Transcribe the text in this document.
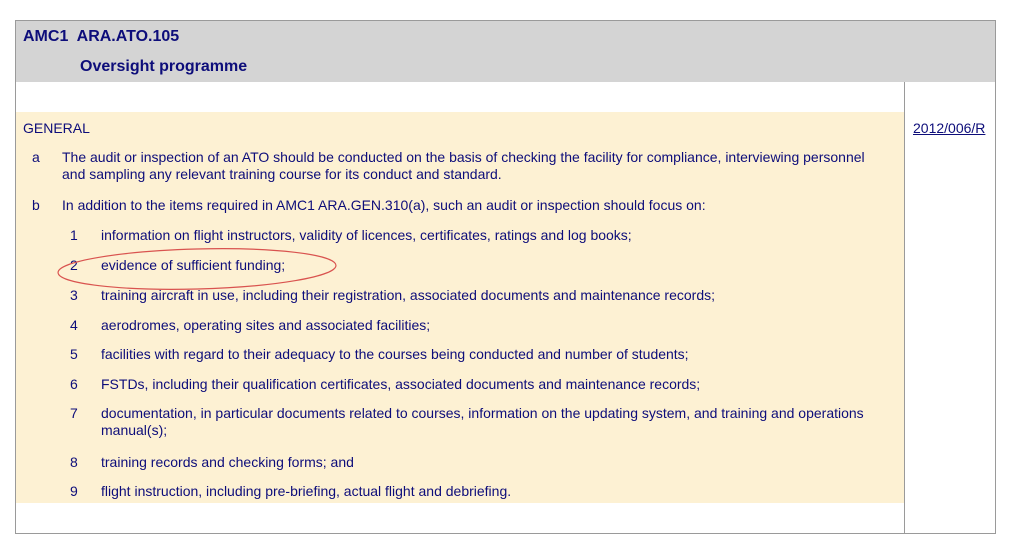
AMC1  ARA.ATO.105
Oversight programme
GENERAL	2012/006/R
a The audit or inspection of an ATO should be conducted on the basis of checking the facility for compliance, interviewing personnel and sampling any relevant training course for its conduct and standard.
b In addition to the items required in AMC1 ARA.GEN.310(a), such an audit or inspection should focus on:
1 information on flight instructors, validity of licences, certificates, ratings and log books;
2 evidence of sufficient funding;
3 training aircraft in use, including their registration, associated documents and maintenance records;
4 aerodromes, operating sites and associated facilities;
5 facilities with regard to their adequacy to the courses being conducted and number of students;
6 FSTDs, including their qualification certificates, associated documents and maintenance records;
7 documentation, in particular documents related to courses, information on the updating system, and training and operations manual(s);
8 training records and checking forms; and
9 flight instruction, including pre-briefing, actual flight and debriefing.
